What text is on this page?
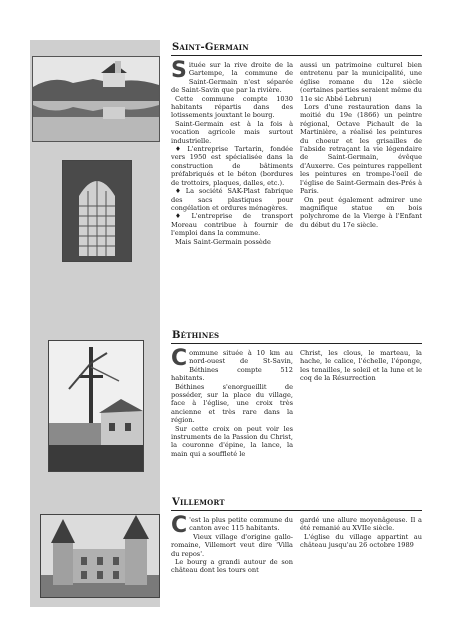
Saint-Germain

Située sur la rive droite de la Gartempe, la commune de Saint-Germain n'est séparée de Saint-Savin que par la rivière.

Cette commune compte 1030 habitants répartis dans des lotissements jouxtant le bourg.

Saint-Germain est à la fois à vocation agricole mais surtout industrielle.

♦ L'entreprise Tartarin, fondée vers 1950 est spécialisée dans la construction de bâtiments préfabriqués et le béton (bordures de trottoirs, plaques, dalles, etc.).

♦ La société SAK-Plast fabrique des sacs plastiques pour congélation et ordures ménagères.

♦ L'entreprise de transport Moreau contribue à fournir de l'emploi dans la commune.

Mais Saint-Germain possède

aussi un patrimoine culturel bien entretenu par la municipalité, une église romane du 12e siècle (certaines parties seraient même du 11e sic Abbé Lebrun)

Lors d'une restauration dans la moitié du 19e (1866) un peintre régional, Octave Pichault de la Martinière, a réalisé les peintures du choeur et les grisailles de l'abside retraçant la vie légendaire de Saint-Germain, évêque d'Auxerre. Ces peintures rappellent les peintures en trompe-l'oeil de l'église de Saint-Germain des-Prés à Paris.

On peut également admirer une magnifique statue en bois polychrome de la Vierge à l'Enfant du début du 17e siècle.

Béthines

Commune située à 10 km au nord-ouest de St-Savin, Béthines compte 512 habitants.

Béthines s'enorgueillit de posséder, sur la place du village, face à l'église, une croix très ancienne et très rare dans la région.

Sur cette croix on peut voir les instruments de la Passion du Christ, la couronne d'épine, la lance, la main qui a souffleté le

Christ, les clous, le marteau, la hache, le calice, l'échelle, l'éponge, les tenailles, le soleil et la lune et le coq de la Résurrection

Villemort

C 'est la plus petite commune du canton avec 115 habitants.

Vieux village d'origine gallo-romaine, Villemort veut dire 'Villa du repos'.

Le bourg a grandi autour de son château dont les tours ont

gardé une allure moyenâgeuse. Il a été remanié au XVIIe siècle.

L'église du village appartint au château jusqu'au 26 octobre 1989
